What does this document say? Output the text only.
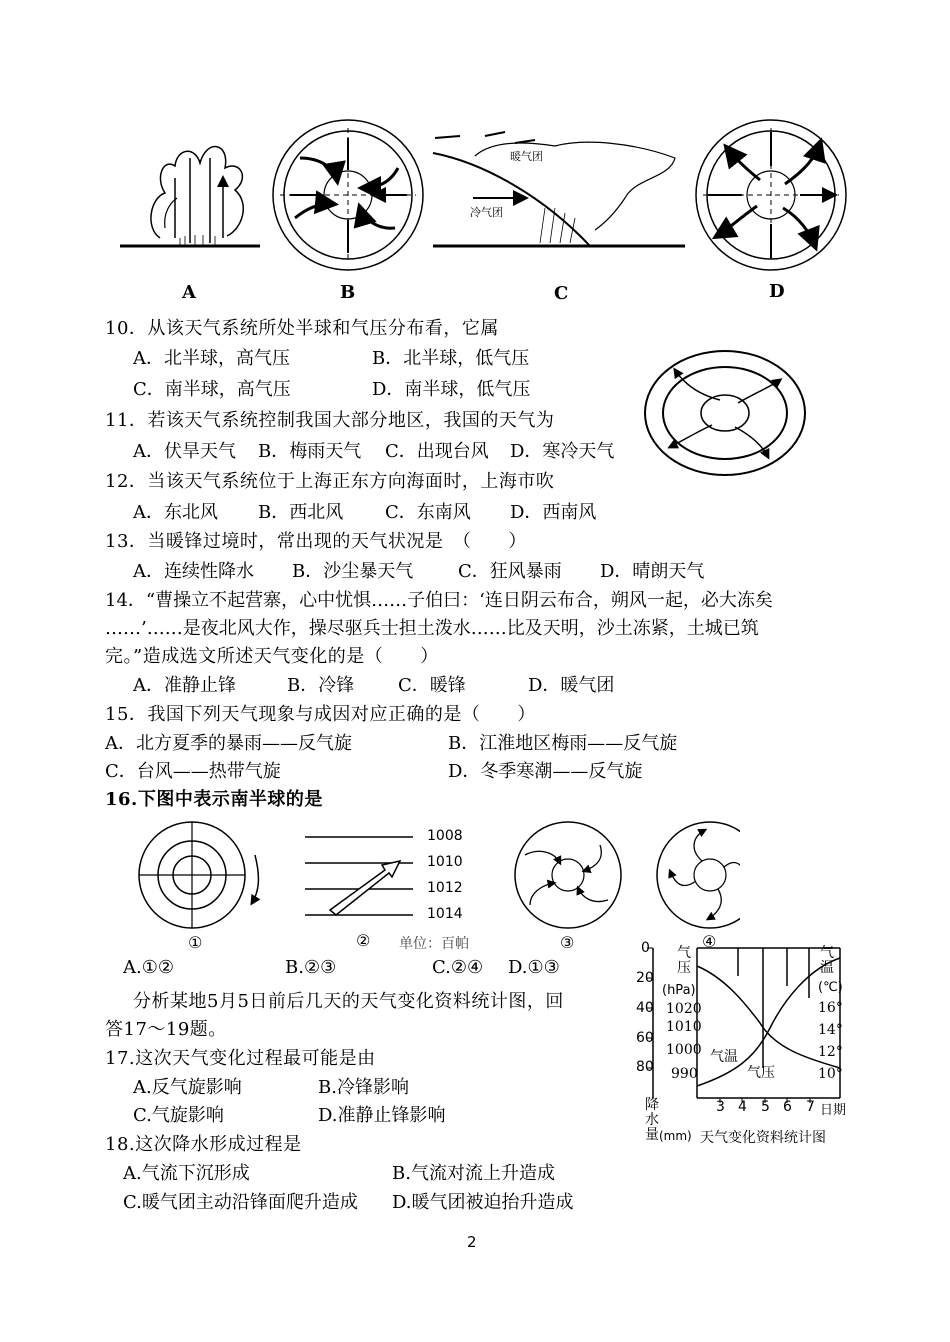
暖气团
冷气团
A	B	C	D
10．从该天气系统所处半球和气压分布看，它属
A．北半球，高气压	B．北半球，低气压
C．南半球，高气压	D．南半球，低气压
11．若该天气系统控制我国大部分地区，我国的天气为
A．伏旱天气 B．梅雨天气 C．出现台风 D．寒冷天气
12．当该天气系统位于上海正东方向海面时，上海市吹
A．东北风 B．西北风 C．东南风 D．西南风
13．当暖锋过境时，常出现的天气状况是　（　　）
A．连续性降水 B．沙尘暴天气 C．狂风暴雨 D．晴朗天气
14．“曹操立不起营寨，心中忧惧……子伯曰：‘连日阴云布合，朔风一起，必大冻矣
……’……是夜北风大作，操尽驱兵士担土泼水……比及天明，沙土冻紧，土城已筑
完。”造成选文所述天气变化的是（　　）
A．准静止锋	B．冷锋 C．暖锋	D．暖气团
15．我国下列天气现象与成因对应正确的是（　　）
A．北方夏季的暴雨——反气旋	B．江淮地区梅雨——反气旋
C．台风——热带气旋	D．冬季寒潮——反气旋
16.下图中表示南半球的是
1008
1010
1012
1014
单位：百帕
①	②	③	④
A.①②	B.②③	C.②④ D.①③
分析某地5月5日前后几天的天气变化资料统计图，回
答17～19题。
17.这次天气变化过程最可能是由
A.反气旋影响	B.冷锋影响
C.气旋影响	D.准静止锋影响
18.这次降水形成过程是
A.气流下沉形成	B.气流对流上升造成
C.暖气团主动沿锋面爬升造成 D.暖气团被迫抬升造成
0
20
40
60
80
气压
(hPa)
1020
1010
1000
990
气温
(℃)
16°
14°
12°
10°
气温
气压
3 4 5 6 7 日期
降水量 (mm) 天气变化资料统计图
2
